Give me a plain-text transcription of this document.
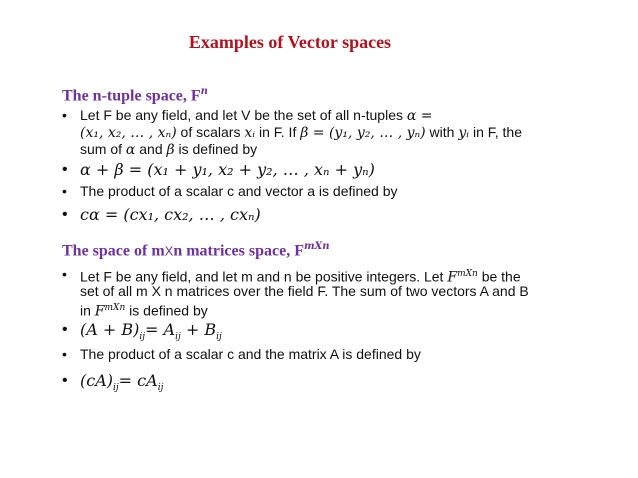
Examples of Vector spaces
The n-tuple space, $F^n$
• Let F be any field, and let V be the set of all n-tuples α =
(x₁, x₂, … , xₙ) of scalars xᵢ in F. If β = (y₁, y₂, … , yₙ) with yᵢ in F, the
sum of α and β is defined by
• α + β = (x₁ + y₁, x₂ + y₂, … , xₙ + yₙ)
• The product of a scalar c and vector a is defined by
• cα = (cx₁, cx₂, … , cxₙ)
The space of mXn matrices space, $F^{mXn}$
• Let F be any field, and let m and n be positive integers. Let $F^{mXn}$ be the
set of all m X n matrices over the field F. The sum of two vectors A and B
in $F^{mXn}$ is defined by
• $(A + B)_{ij}= A_{ij} + B_{ij}$
• The product of a scalar c and the matrix A is defined by
• $(cA)_{ij}= cA_{ij}$
